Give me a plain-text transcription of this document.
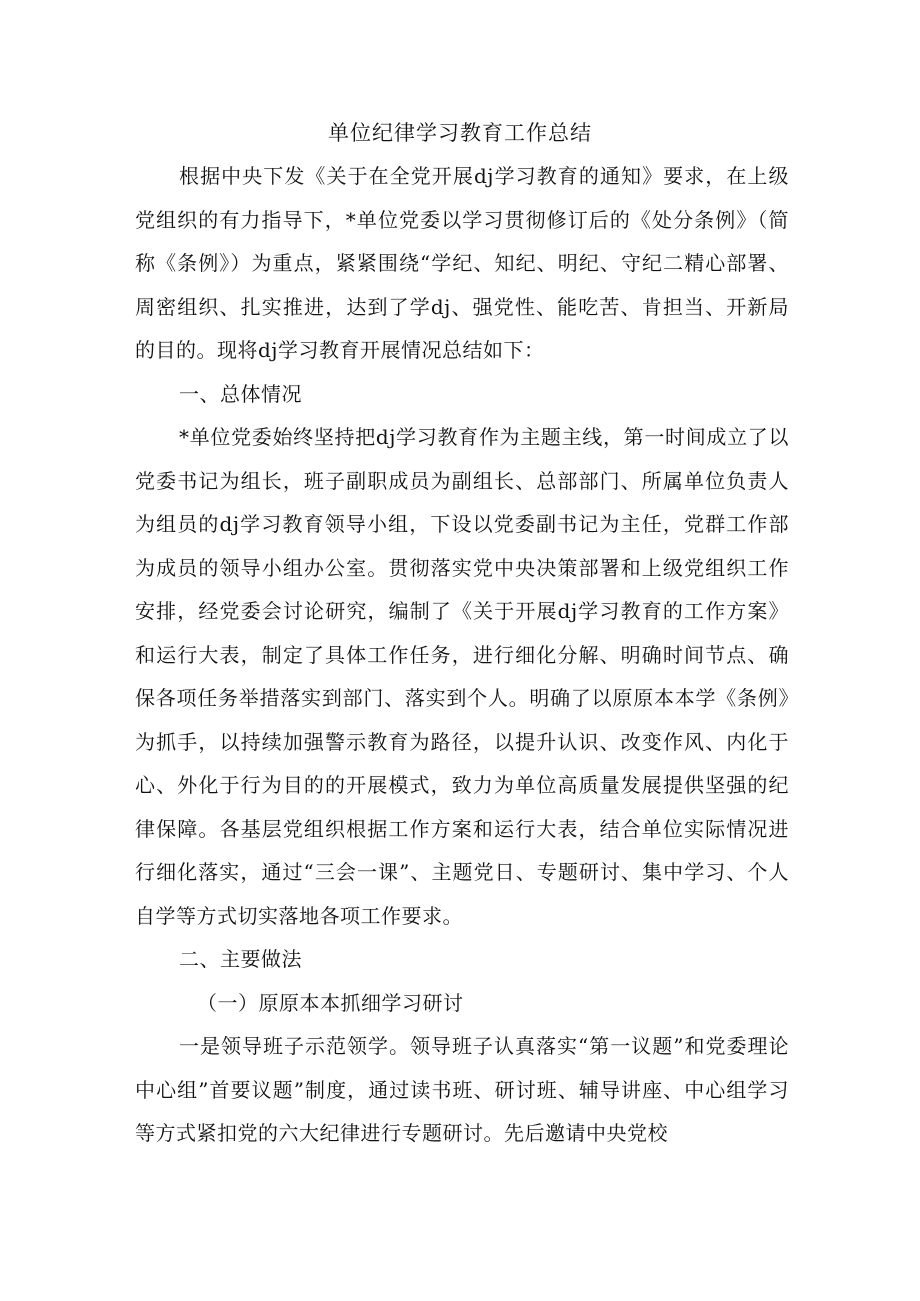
单位纪律学习教育工作总结

根据中央下发《关于在全党开展dj学习教育的通知》要求，在上级党组织的有力指导下，*单位党委以学习贯彻修订后的《处分条例》（简称《条例》）为重点，紧紧围绕“学纪、知纪、明纪、守纪二精心部署、周密组织、扎实推进，达到了学dj、强党性、能吃苦、肯担当、开新局的目的。现将dj学习教育开展情况总结如下：

一、总体情况

*单位党委始终坚持把dj学习教育作为主题主线，第一时间成立了以党委书记为组长，班子副职成员为副组长、总部部门、所属单位负责人为组员的dj学习教育领导小组，下设以党委副书记为主任，党群工作部为成员的领导小组办公室。贯彻落实党中央决策部署和上级党组织工作安排，经党委会讨论研究，编制了《关于开展dj学习教育的工作方案》和运行大表，制定了具体工作任务，进行细化分解、明确时间节点、确保各项任务举措落实到部门、落实到个人。明确了以原原本本学《条例》为抓手，以持续加强警示教育为路径，以提升认识、改变作风、内化于心、外化于行为目的的开展模式，致力为单位高质量发展提供坚强的纪律保障。各基层党组织根据工作方案和运行大表，结合单位实际情况进行细化落实，通过“三会一课”、主题党日、专题研讨、集中学习、个人自学等方式切实落地各项工作要求。

二、主要做法

（一）原原本本抓细学习研讨

一是领导班子示范领学。领导班子认真落实“第一议题”和党委理论中心组”首要议题”制度，通过读书班、研讨班、辅导讲座、中心组学习等方式紧扣党的六大纪律进行专题研讨。先后邀请中央党校
